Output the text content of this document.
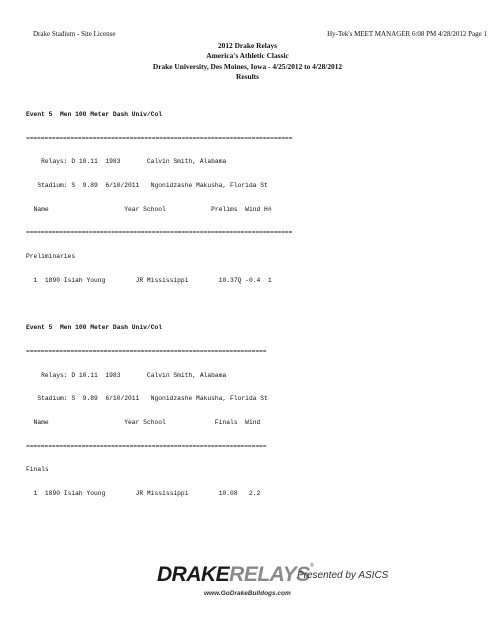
Drake Stadium - Site License	Hy-Tek's MEET MANAGER 6:08 PM 4/28/2012 Page 1
2012 Drake Relays
America's Athletic Classic
Drake University, Des Moines, Iowa - 4/25/2012 to 4/28/2012
Results

Event 5  Men 100 Meter Dash Univ/Col

========================================================================

Relays: D 10.11  1983       Calvin Smith, Alabama

Stadium: S  9.89  6/10/2011   Ngonidzashe Makusha, Florida St

Name                    Year School            Prelims  Wind H#

========================================================================

Preliminaries

1  1890 Isiah Young        JR Mississippi        10.37Q -0.4  1

Event 5  Men 100 Meter Dash Univ/Col

=================================================================

Relays: D 10.11  1983       Calvin Smith, Alabama

Stadium: S  9.89  6/10/2011   Ngonidzashe Makusha, Florida St

Name                    Year School             Finals  Wind

=================================================================

Finals

1  1890 Isiah Young        JR Mississippi        10.08   2.2

DRAKERELAYS®
Presented by ASICS
www.GoDrakeBulldogs.com
